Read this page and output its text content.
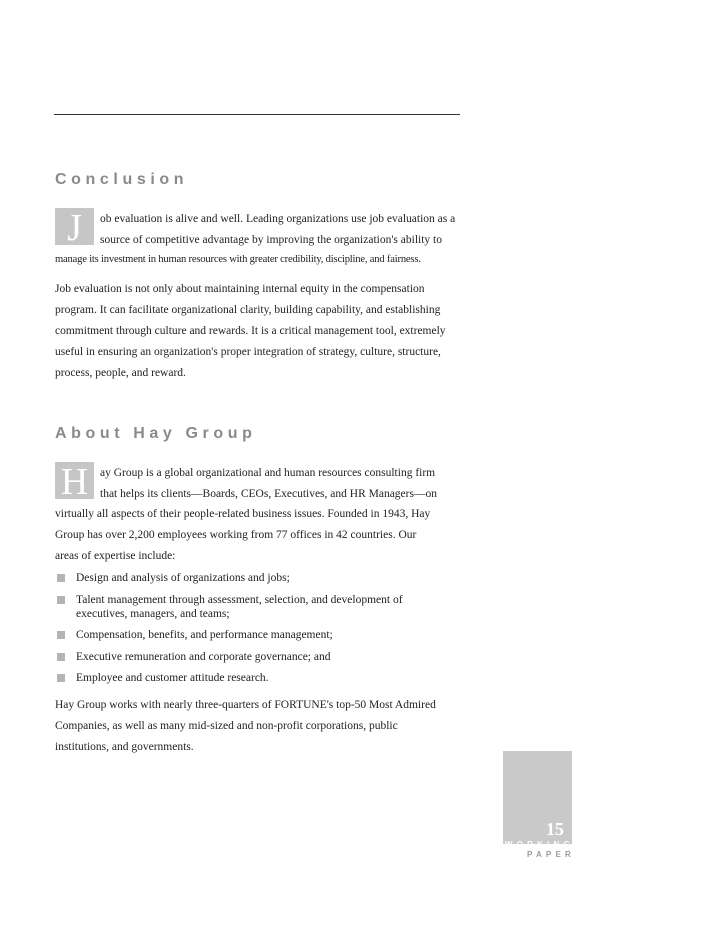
Conclusion
J	ob evaluation is alive and well. Leading organizations use job evaluation as a

source of competitive advantage by improving the organization's ability to

manage its investment in human resources with greater credibility, discipline, and fairness.

Job evaluation is not only about maintaining internal equity in the compensation

program. It can facilitate organizational clarity, building capability, and establishing

commitment through culture and rewards. It is a critical management tool, extremely

useful in ensuring an organization's proper integration of strategy, culture, structure,

process, people, and reward.

About Hay Group
H	ay Group is a global organizational and human resources consulting firm

that helps its clients—Boards, CEOs, Executives, and HR Managers—on

virtually all aspects of their people-related business issues. Founded in 1943, Hay

Group has over 2,200 employees working from 77 offices in 42 countries. Our

areas of expertise include:

Design and analysis of organizations and jobs;

Talent management through assessment, selection, and development of

executives, managers, and teams;

Compensation, benefits, and performance management;

Executive remuneration and corporate governance; and

Employee and customer attitude research.

Hay Group works with nearly three-quarters of FORTUNE's top-50 Most Admired

Companies, as well as many mid-sized and non-profit corporations, public

institutions, and governments.

15

WORKING

PAPER
